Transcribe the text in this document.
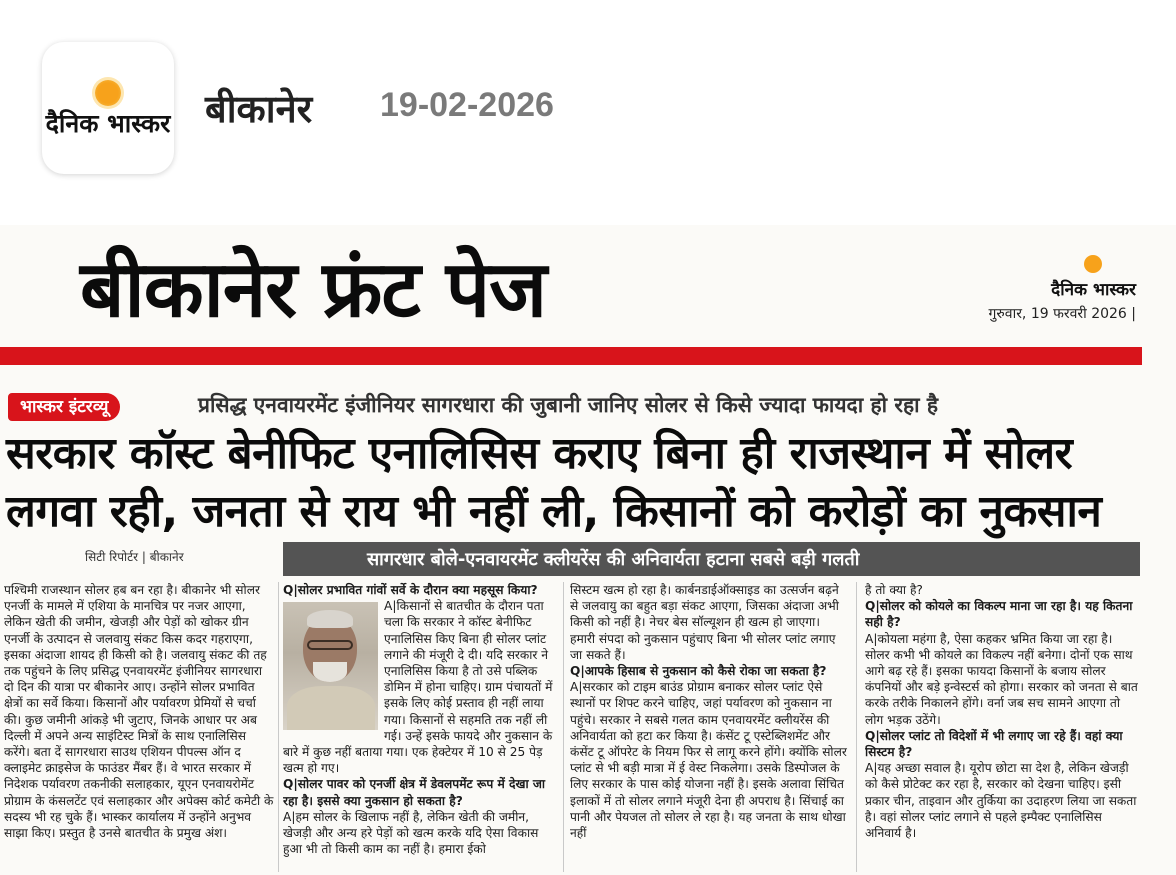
दैनिक भास्कर बीकानेर 19-02-2026
बीकानेर फ्रंट पेज	दैनिक भास्कर
गुरुवार, 19 फरवरी 2026 |
भास्कर इंटरव्यू	प्रसिद्ध एनवायरमेंट इंजीनियर सागरधारा की जुबानी जानिए सोलर से किसे ज्यादा फायदा हो रहा है
सरकार कॉस्ट बेनीफिट एनालिसिस कराए बिना ही राजस्थान में सोलर
लगवा रही, जनता से राय भी नहीं ली, किसानों को करोड़ों का नुकसान
सिटी रिपोर्टर | बीकानेर	सागरधार बोले-एनवायरमेंट क्लीयरेंस की अनिवार्यता हटाना सबसे बड़ी गलती

पश्चिमी राजस्थान सोलर हब बन रहा है। बीकानेर भी सोलर एनर्जी के मामले में एशिया के मानचित्र पर नजर आएगा, लेकिन खेती की जमीन, खेजड़ी और पेड़ों को खोकर ग्रीन एनर्जी के उत्पादन से जलवायु संकट किस कदर गहराएगा, इसका अंदाजा शायद ही किसी को है। जलवायु संकट की तह तक पहुंचने के लिए प्रसिद्ध एनवायरमेंट इंजीनियर सागरधारा दो दिन की यात्रा पर बीकानेर आए। उन्होंने सोलर प्रभावित क्षेत्रों का सर्वे किया। किसानों और पर्यावरण प्रेमियों से चर्चा की। कुछ जमीनी आंकड़े भी जुटाए, जिनके आधार पर अब दिल्ली में अपने अन्य साइंटिस्ट मित्रों के साथ एनालिसिस करेंगे। बता दें सागरधारा साउथ एशियन पीपल्स ऑन द क्लाइमेट क्राइसेज के फाउंडर मैंबर हैं। वे भारत सरकार में निदेशक पर्यावरण तकनीकी सलाहकार, यूएन एनवायरोमेंट प्रोग्राम के कंसलटेंट एवं सलाहकार और अपेक्स कोर्ट कमेटी के सदस्य भी रह चुके हैं। भास्कर कार्यालय में उन्होंने अनुभव साझा किए। प्रस्तुत है उनसे बातचीत के प्रमुख अंश।

Q|सोलर प्रभावित गांवों सर्वे के दौरान क्या महसूस किया?

A|किसानों से बातचीत के दौरान पता चला कि सरकार ने कॉस्ट बेनीफिट एनालिसिस किए बिना ही सोलर प्लांट लगाने की मंजूरी दे दी। यदि सरकार ने एनालिसिस किया है तो उसे पब्लिक डोमिन में होना चाहिए। ग्राम पंचायतों में इसके लिए कोई प्रस्ताव ही नहीं लाया गया। किसानों से सहमति तक नहीं ली गई। उन्हें इसके फायदे और नुकसान के बारे में कुछ नहीं बताया गया। एक हेक्टेयर में 10 से 25 पेड़ खत्म हो गए।

Q|सोलर पावर को एनर्जी क्षेत्र में डेवलपमेंट रूप में देखा जा रहा है। इससे क्या नुकसान हो सकता है?

A|हम सोलर के खिलाफ नहीं है, लेकिन खेती की जमीन, खेजड़ी और अन्य हरे पेड़ों को खत्म करके यदि ऐसा विकास हुआ भी तो किसी काम का नहीं है। हमारा ईको

सिस्टम खत्म हो रहा है। कार्बनडाईऑक्साइड का उत्सर्जन बढ़ने से जलवायु का बहुत बड़ा संकट आएगा, जिसका अंदाजा अभी किसी को नहीं है। नेचर बेस सॉल्यूशन ही खत्म हो जाएगा। हमारी संपदा को नुकसान पहुंचाए बिना भी सोलर प्लांट लगाए जा सकते हैं।

Q|आपके हिसाब से नुकसान को कैसे रोका जा सकता है?

A|सरकार को टाइम बाउंड प्रोग्राम बनाकर सोलर प्लांट ऐसे स्थानों पर शिफ्ट करने चाहिए, जहां पर्यावरण को नुकसान ना पहुंचे। सरकार ने सबसे गलत काम एनवायरमेंट क्लीयरेंस की अनिवार्यता को हटा कर किया है। कंसेंट टू एस्टेब्लिशमेंट और कंसेंट टू ऑपरेट के नियम फिर से लागू करने होंगे। क्योंकि सोलर प्लांट से भी बड़ी मात्रा में ई वेस्ट निकलेगा। उसके डिस्पोजल के लिए सरकार के पास कोई योजना नहीं है। इसके अलावा सिंचित इलाकों में तो सोलर लगाने मंजूरी देना ही अपराध है। सिंचाई का पानी और पेयजल तो सोलर ले रहा है। यह जनता के साथ धोखा नहीं

है तो क्या है?

Q|सोलर को कोयले का विकल्प माना जा रहा है। यह कितना सही है?

A|कोयला महंगा है, ऐसा कहकर भ्रमित किया जा रहा है। सोलर कभी भी कोयले का विकल्प नहीं बनेगा। दोनों एक साथ आगे बढ़ रहे हैं। इसका फायदा किसानों के बजाय सोलर कंपनियों और बड़े इन्वेस्टर्स को होगा। सरकार को जनता से बात करके तरीके निकालने होंगे। वर्ना जब सच सामने आएगा तो लोग भड़क उठेंगे।

Q|सोलर प्लांट तो विदेशों में भी लगाए जा रहे हैं। वहां क्या सिस्टम है?

A|यह अच्छा सवाल है। यूरोप छोटा सा देश है, लेकिन खेजड़ी को कैसे प्रोटेक्ट कर रहा है, सरकार को देखना चाहिए। इसी प्रकार चीन, ताइवान और तुर्किया का उदाहरण लिया जा सकता है। वहां सोलर प्लांट लगाने से पहले इम्पैक्ट एनालिसिस अनिवार्य है।
